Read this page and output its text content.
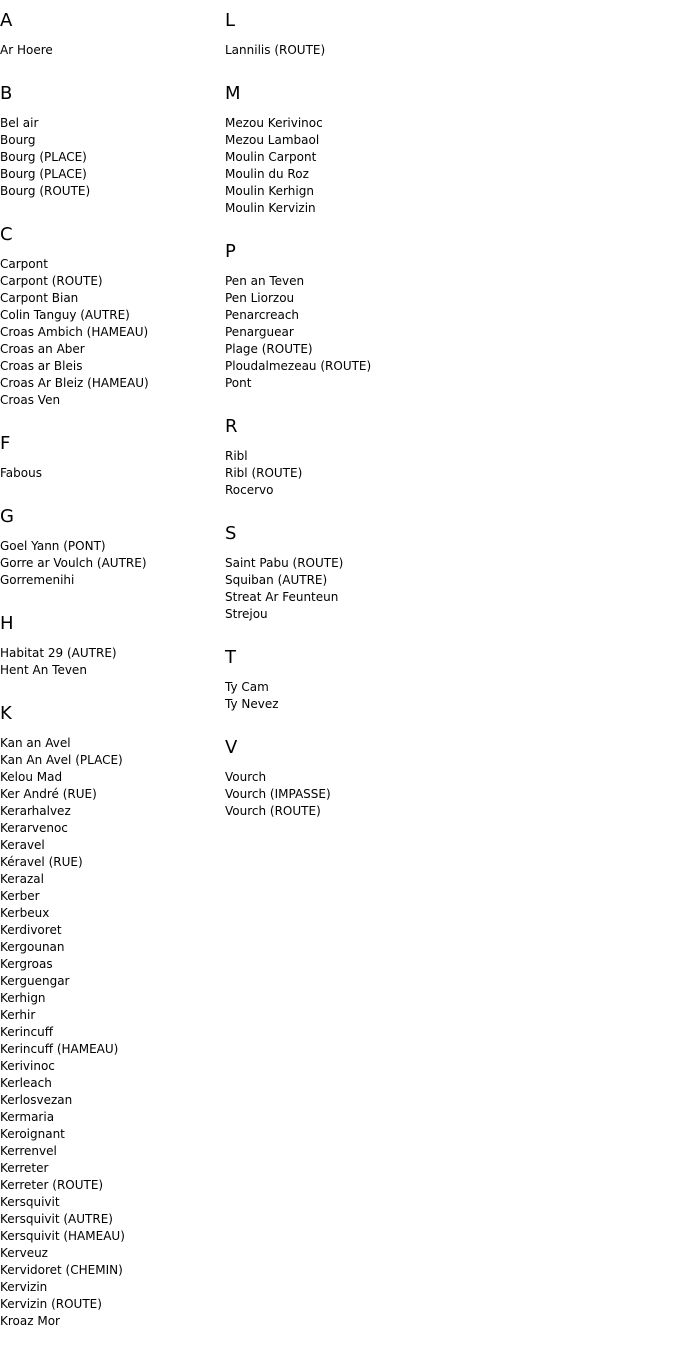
A
Ar Hoere
B
Bel air
Bourg
Bourg (PLACE)
Bourg (PLACE)
Bourg (ROUTE)
C
Carpont
Carpont (ROUTE)
Carpont Bian
Colin Tanguy (AUTRE)
Croas Ambich (HAMEAU)
Croas an Aber
Croas ar Bleis
Croas Ar Bleiz (HAMEAU)
Croas Ven
F
Fabous
G
Goel Yann (PONT)
Gorre ar Voulch (AUTRE)
Gorremenihi
H
Habitat 29 (AUTRE)
Hent An Teven
K
Kan an Avel
Kan An Avel (PLACE)
Kelou Mad
Ker André (RUE)
Kerarhalvez
Kerarvenoc
Keravel
Kéravel (RUE)
Kerazal
Kerber
Kerbeux
Kerdivoret
Kergounan
Kergroas
Kerguengar
Kerhign
Kerhir
Kerincuff
Kerincuff (HAMEAU)
Kerivinoc
Kerleach
Kerlosvezan
Kermaria
Keroignant
Kerrenvel
Kerreter
Kerreter (ROUTE)
Kersquivit
Kersquivit (AUTRE)
Kersquivit (HAMEAU)
Kerveuz
Kervidoret (CHEMIN)
Kervizin
Kervizin (ROUTE)
Kroaz Mor
L
Lannilis (ROUTE)
M
Mezou Kerivinoc
Mezou Lambaol
Moulin Carpont
Moulin du Roz
Moulin Kerhign
Moulin Kervizin
P
Pen an Teven
Pen Liorzou
Penarcreach
Penarguear
Plage (ROUTE)
Ploudalmezeau (ROUTE)
Pont
R
Ribl
Ribl (ROUTE)
Rocervo
S
Saint Pabu (ROUTE)
Squiban (AUTRE)
Streat Ar Feunteun
Strejou
T
Ty Cam
Ty Nevez
V
Vourch
Vourch (IMPASSE)
Vourch (ROUTE)
